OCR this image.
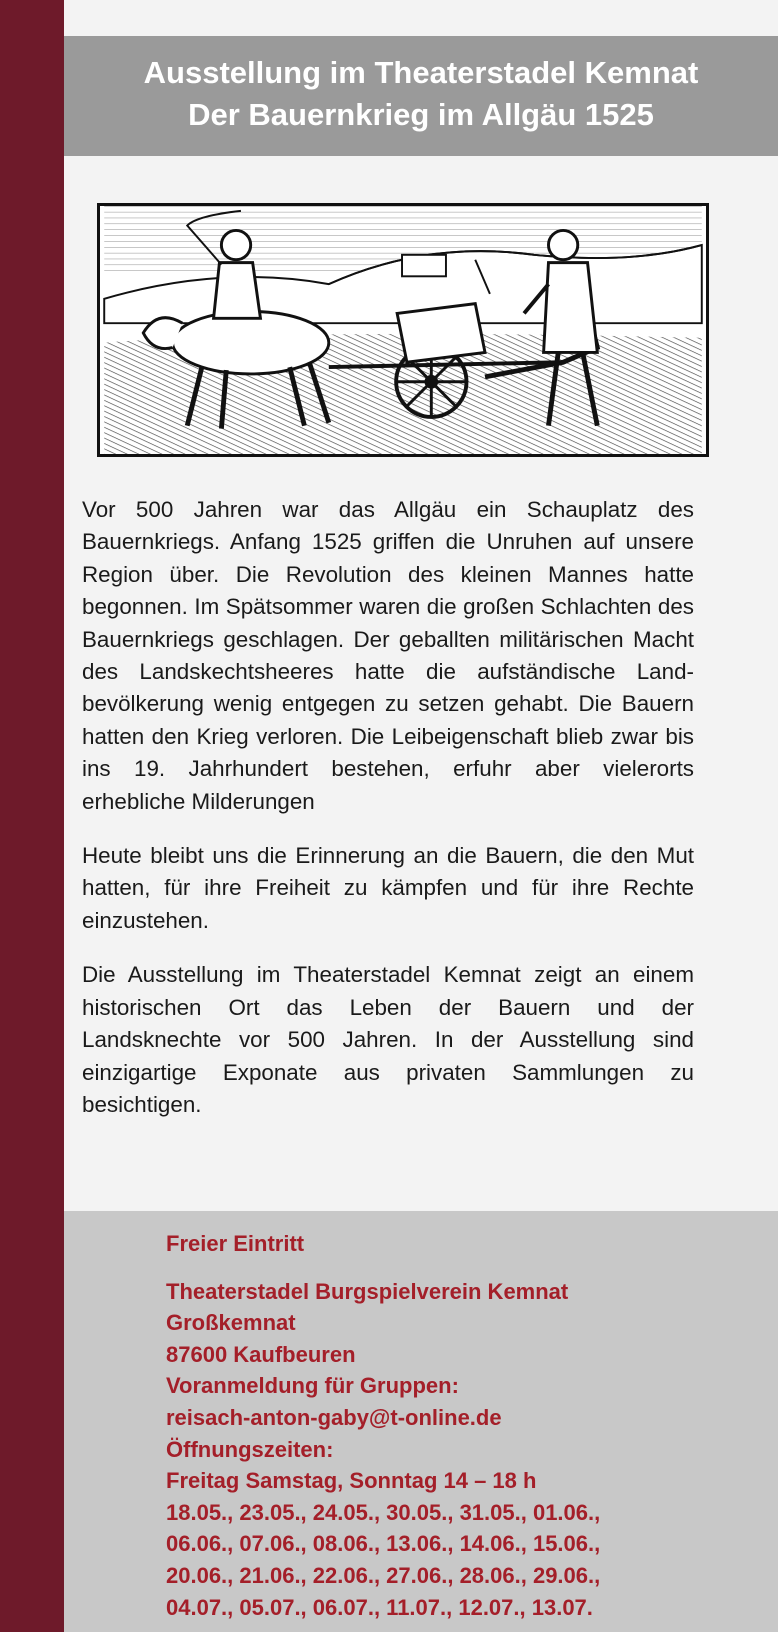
Ausstellung im Theaterstadel Kemnat
Der Bauernkrieg im Allgäu 1525

Vor 500 Jahren war das Allgäu ein Schauplatz des Bauernkriegs. Anfang 1525 griffen die Unruhen auf unsere Region über. Die Revolution des kleinen Mannes hatte begonnen. Im Spätsommer waren die großen Schlachten des Bauernkriegs geschlagen. Der geballten militärischen Macht des Landskechtsheeres hatte die aufständische Land-bevölkerung wenig entgegen zu setzen gehabt. Die Bauern hatten den Krieg verloren. Die Leibeigenschaft blieb zwar bis ins 19. Jahrhundert bestehen, erfuhr aber vielerorts erhebliche Milderungen

Heute bleibt uns die Erinnerung an die Bauern, die den Mut hatten, für ihre Freiheit zu kämpfen und für ihre Rechte einzustehen.

Die Ausstellung im Theaterstadel Kemnat zeigt an einem historischen Ort das Leben der Bauern und der Landsknechte vor 500 Jahren. In der Ausstellung sind einzigartige Exponate aus privaten Sammlungen zu besichtigen.

Freier Eintritt
Theaterstadel Burgspielverein Kemnat
Großkemnat
87600 Kaufbeuren
Voranmeldung für Gruppen:
reisach-anton-gaby@t-online.de
Öffnungszeiten:
Freitag Samstag, Sonntag 14 – 18 h
18.05., 23.05., 24.05., 30.05., 31.05., 01.06.,
06.06., 07.06., 08.06., 13.06., 14.06., 15.06.,
20.06., 21.06., 22.06., 27.06., 28.06., 29.06.,
04.07., 05.07., 06.07., 11.07., 12.07., 13.07.
